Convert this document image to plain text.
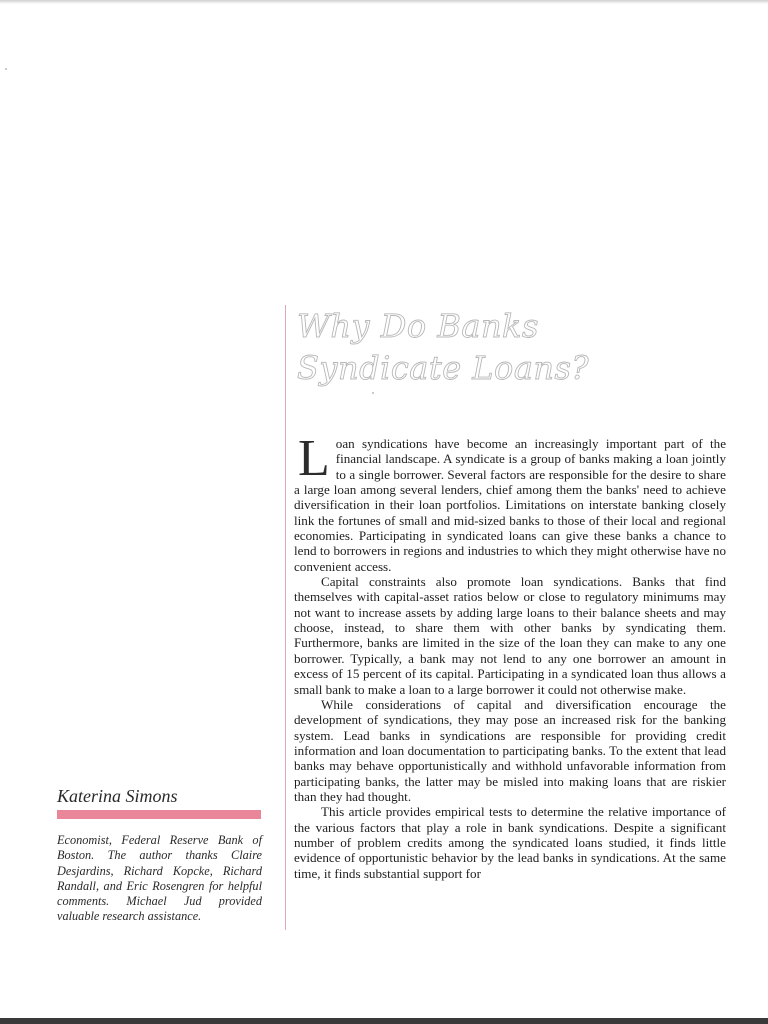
Why Do Banks
Syndicate Loans?

Loan syndications have become an increasingly important part of the financial landscape. A syndicate is a group of banks making a loan jointly to a single borrower. Several factors are responsible for the desire to share a large loan among several lenders, chief among them the banks' need to achieve diversification in their loan portfolios. Limitations on interstate banking closely link the fortunes of small and mid-sized banks to those of their local and regional economies. Participating in syndicated loans can give these banks a chance to lend to borrowers in regions and industries to which they might otherwise have no convenient access.

Capital constraints also promote loan syndications. Banks that find themselves with capital-asset ratios below or close to regulatory minimums may not want to increase assets by adding large loans to their balance sheets and may choose, instead, to share them with other banks by syndicating them. Furthermore, banks are limited in the size of the loan they can make to any one borrower. Typically, a bank may not lend to any one borrower an amount in excess of 15 percent of its capital. Participating in a syndicated loan thus allows a small bank to make a loan to a large borrower it could not otherwise make.

While considerations of capital and diversification encourage the development of syndications, they may pose an increased risk for the banking system. Lead banks in syndications are responsible for providing credit information and loan documentation to participating banks. To the extent that lead banks may behave opportunistically and withhold unfavorable information from participating banks, the latter may be misled into making loans that are riskier than they had thought.

This article provides empirical tests to determine the relative importance of the various factors that play a role in bank syndications. Despite a significant number of problem credits among the syndicated loans studied, it finds little evidence of opportunistic behavior by the lead banks in syndications. At the same time, it finds substantial support for

Katerina Simons
Economist, Federal Reserve Bank of Boston. The author thanks Claire Desjardins, Richard Kopcke, Richard Randall, and Eric Rosengren for helpful comments. Michael Jud provided valuable research assistance.
